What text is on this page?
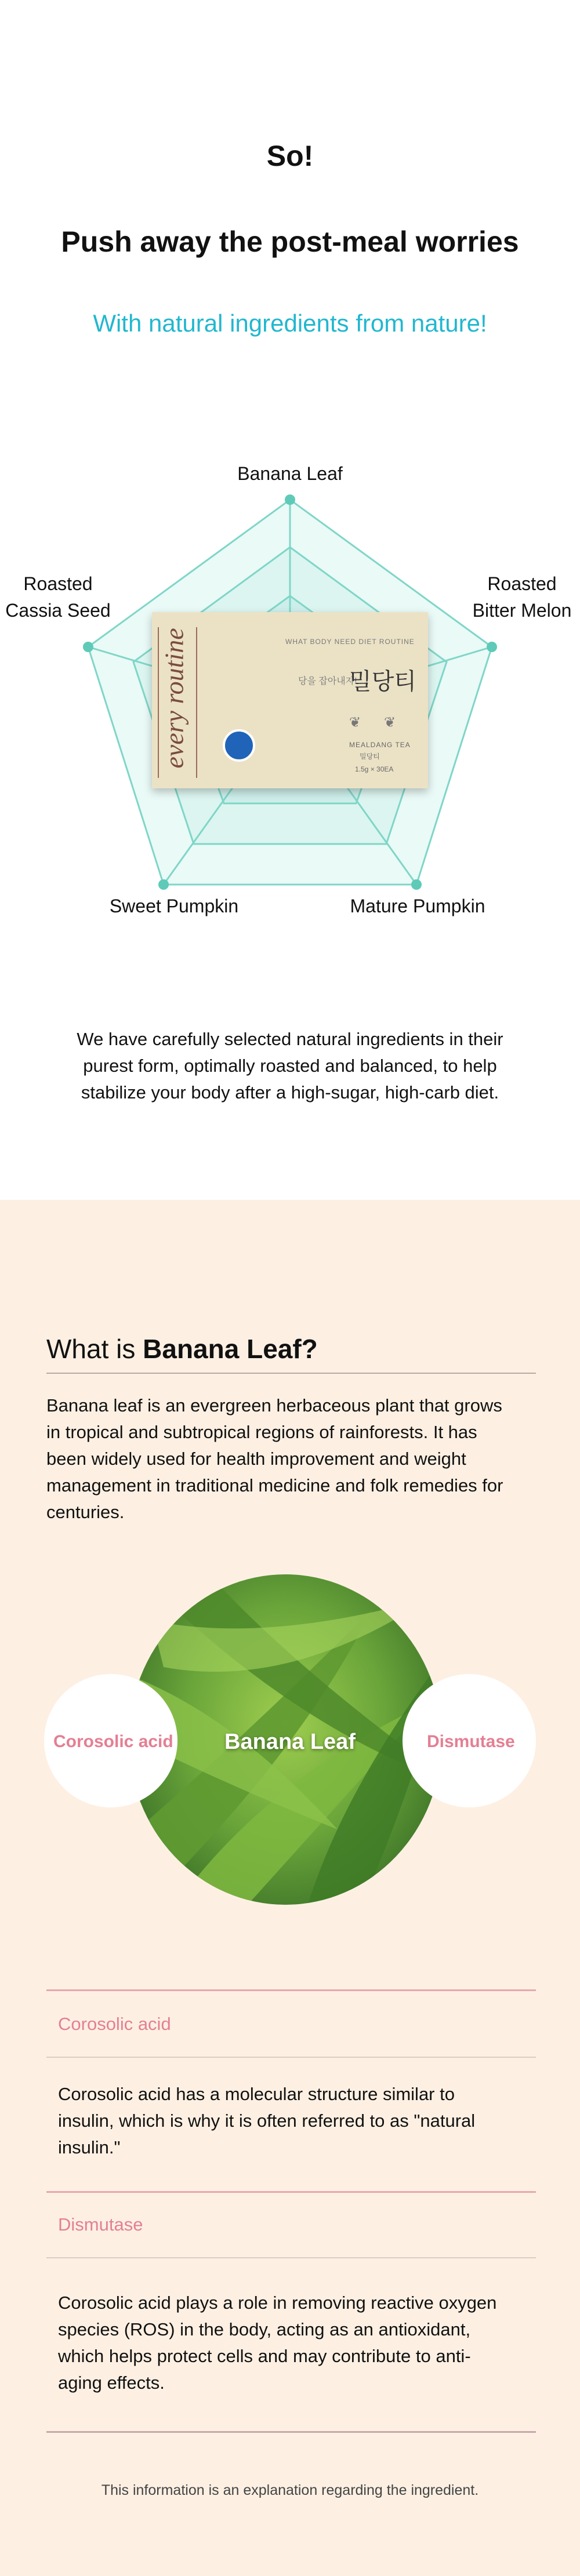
So!
Push away the post-meal worries
With natural ingredients from nature!
Banana Leaf
Roasted
Bitter Melon
Roasted
Cassia Seed
Sweet Pumpkin	Mature Pumpkin
every routine	WHAT BODY NEED DIET ROUTINE
당을 잡아내자!
밀당티
❦ ❦
MEALDANG TEA
밀당티
1.5g × 30EA
We have carefully selected natural ingredients in their
purest form, optimally roasted and balanced, to help
stabilize your body after a high-sugar, high-carb diet.
What is Banana Leaf?
Banana leaf is an evergreen herbaceous plant that grows
in tropical and subtropical regions of rainforests. It has
been widely used for health improvement and weight
management in traditional medicine and folk remedies for
centuries.
Corosolic acid	Dismutase
Banana Leaf
Corosolic acid
Corosolic acid has a molecular structure similar to
insulin, which is why it is often referred to as "natural
insulin."
Dismutase
Corosolic acid plays a role in removing reactive oxygen
species (ROS) in the body, acting as an antioxidant,
which helps protect cells and may contribute to anti-
aging effects.
This information is an explanation regarding the ingredient.
